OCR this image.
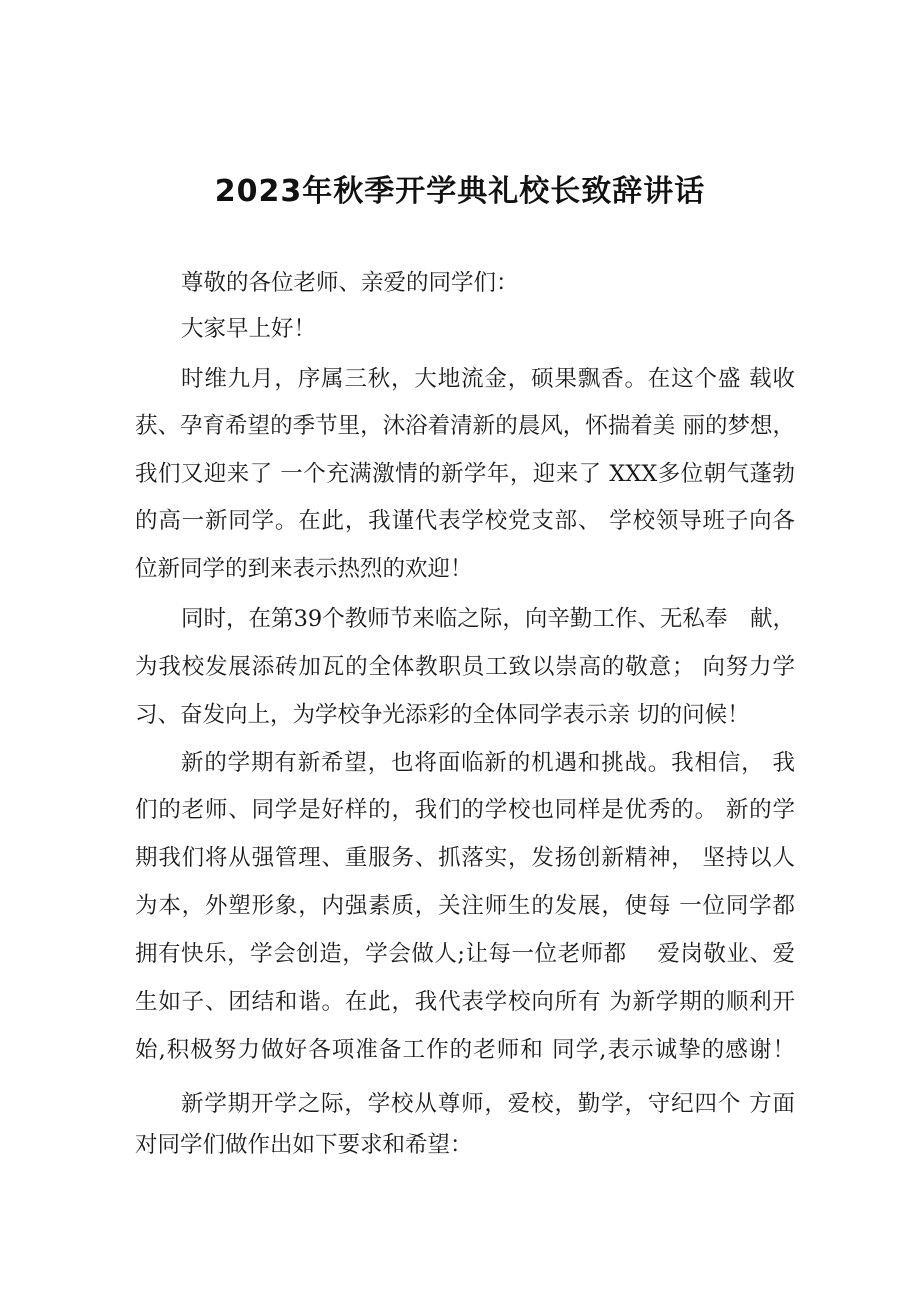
2023年秋季开学典礼校长致辞讲话

尊敬的各位老师、亲爱的同学们：

大家早上好！

时维九月，序属三秋，大地流金，硕果飘香。在这个盛 载收

获、孕育希望的季节里，沐浴着清新的晨风，怀揣着美 丽的梦想，

我们又迎来了 一个充满激情的新学年，迎来了 XXX多位朝气蓬勃

的高一新同学。在此，我谨代表学校党支部、 学校领导班子向各

位新同学的到来表示热烈的欢迎！

同时，在第39个教师节来临之际，向辛勤工作、无私奉　献，

为我校发展添砖加瓦的全体教职员工致以崇高的敬意； 向努力学

习、奋发向上，为学校争光添彩的全体同学表示亲 切的问候！

新的学期有新希望，也将面临新的机遇和挑战。我相信， 我

们的老师、同学是好样的，我们的学校也同样是优秀的。 新的学

期我们将从强管理、重服务、抓落实，发扬创新精神， 坚持以人

为本，外塑形象，内强素质，关注师生的发展，使每 一位同学都

拥有快乐，学会创造，学会做人;让每一位老师都　 爱岗敬业、爱

生如子、团结和谐。在此，我代表学校向所有 为新学期的顺利开

始,积极努力做好各项准备工作的老师和 同学,表示诚挚的感谢！

新学期开学之际，学校从尊师，爱校，勤学，守纪四个 方面

对同学们做作出如下要求和希望：
